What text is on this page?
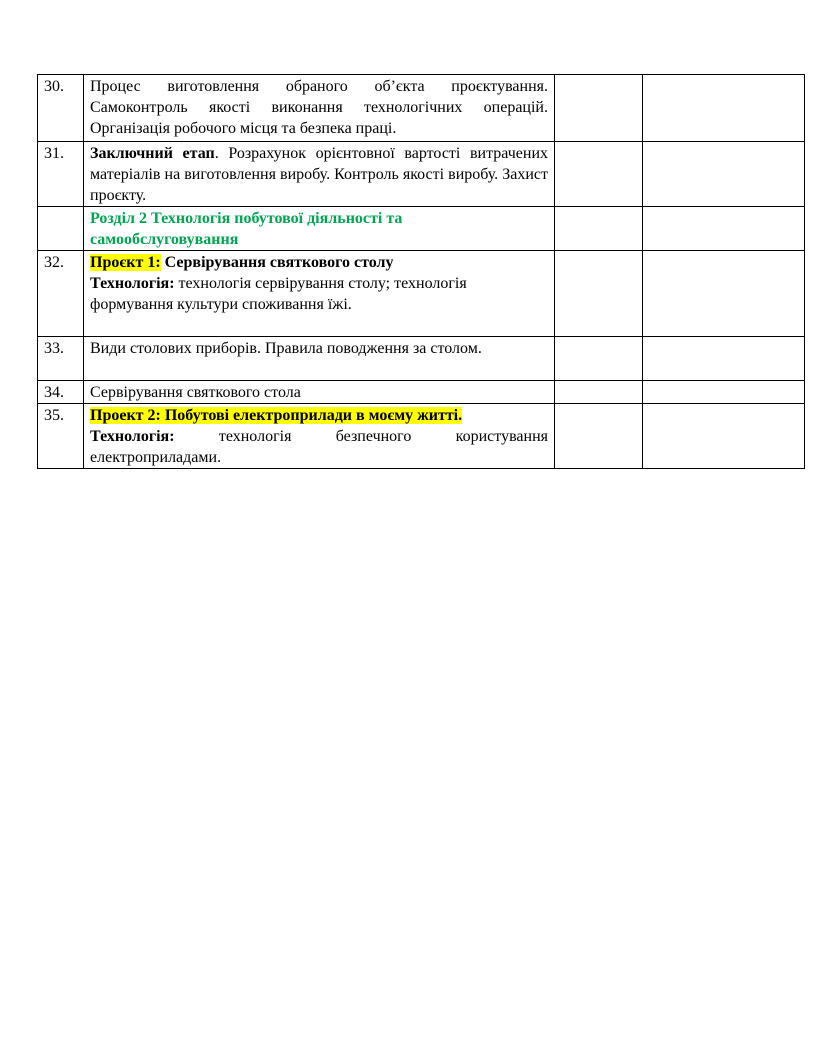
30.	Процес виготовлення обраного об’єкта проєктування. Самоконтроль якості виконання технологічних операцій. Організація робочого місця та безпека праці.		
31.	Заключний етап. Розрахунок орієнтовної вартості витрачених матеріалів на виготовлення виробу. Контроль якості виробу. Захист проєкту.		
	Розділ 2 Технологія побутової діяльності та самообслуговування		
32.	Проєкт 1: Сервірування святкового столу
Технологія: технологія сервірування столу; технологія формування культури споживання їжі.		
33.	Види столових приборів. Правила поводження за столом.		
34.	Сервірування святкового стола		
35.	Проект 2: Побутові електроприлади в моєму житті.
Технологія: технологія безпечного користування електроприладами.		
